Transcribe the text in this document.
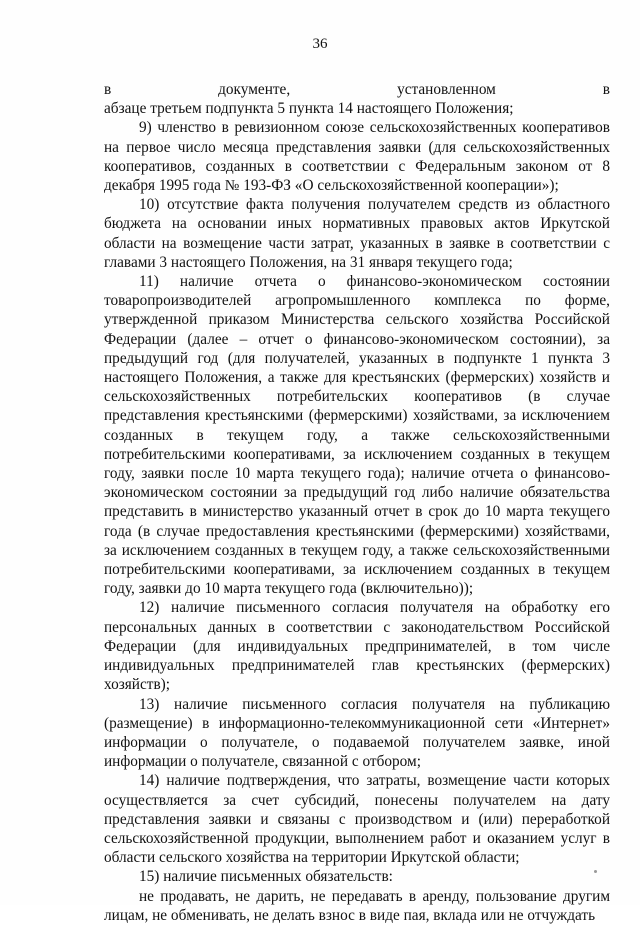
36
в	документе,	установленном	в

абзаце третьем подпункта 5 пункта 14 настоящего Положения;

9) членство в ревизионном союзе сельскохозяйственных кооперативов на первое число месяца представления заявки (для сельскохозяйственных кооперативов, созданных в соответствии с Федеральным законом от 8 декабря 1995 года № 193-ФЗ «О сельскохозяйственной кооперации»);

10) отсутствие факта получения получателем средств из областного бюджета на основании иных нормативных правовых актов Иркутской области на возмещение части затрат, указанных в заявке в соответствии с главами 3 настоящего Положения, на 31 января текущего года;

11) наличие отчета о финансово-экономическом состоянии товаропроизводителей агропромышленного комплекса по форме, утвержденной приказом Министерства сельского хозяйства Российской Федерации (далее – отчет о финансово-экономическом состоянии), за предыдущий год (для получателей, указанных в подпункте 1 пункта 3 настоящего Положения, а также для крестьянских (фермерских) хозяйств и сельскохозяйственных потребительских кооперативов (в случае представления крестьянскими (фермерскими) хозяйствами, за исключением созданных в текущем году, а также сельскохозяйственными потребительскими кооперативами, за исключением созданных в текущем году, заявки после 10 марта текущего года); наличие отчета о финансово-экономическом состоянии за предыдущий год либо наличие обязательства представить в министерство указанный отчет в срок до 10 марта текущего года (в случае предоставления крестьянскими (фермерскими) хозяйствами, за исключением созданных в текущем году, а также сельскохозяйственными потребительскими кооперативами, за исключением созданных в текущем году, заявки до 10 марта текущего года (включительно));

12) наличие письменного согласия получателя на обработку его персональных данных в соответствии с законодательством Российской Федерации (для индивидуальных предпринимателей, в том числе индивидуальных предпринимателей глав крестьянских (фермерских) хозяйств);

13) наличие письменного согласия получателя на публикацию (размещение) в информационно-телекоммуникационной сети «Интернет» информации о получателе, о подаваемой получателем заявке, иной информации о получателе, связанной с отбором;

14) наличие подтверждения, что затраты, возмещение части которых осуществляется за счет субсидий, понесены получателем на дату представления заявки и связаны с производством и (или) переработкой сельскохозяйственной продукции, выполнением работ и оказанием услуг в области сельского хозяйства на территории Иркутской области;

15) наличие письменных обязательств:

не продавать, не дарить, не передавать в аренду, пользование другим лицам, не обменивать, не делать взнос в виде пая, вклада или не отчуждать
